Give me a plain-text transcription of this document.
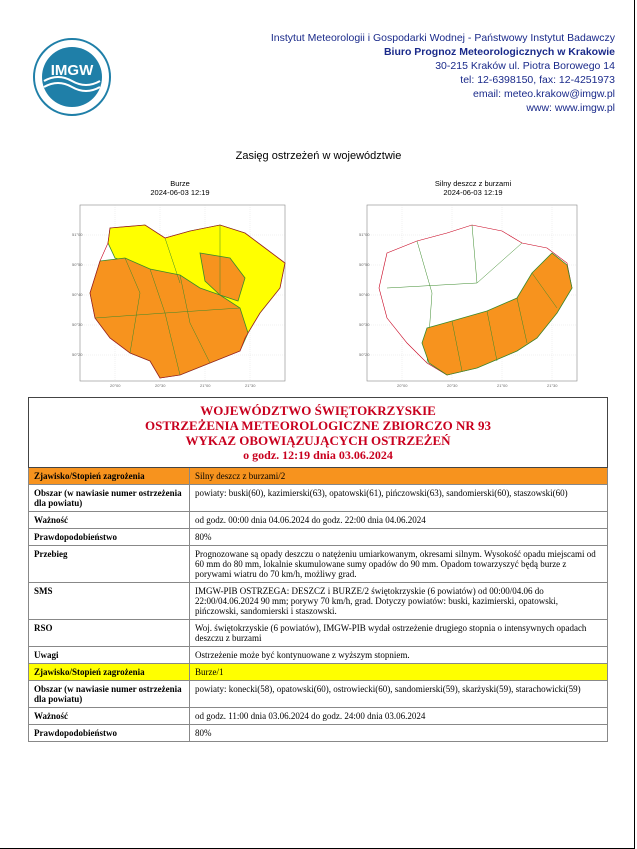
IMGW
Instytut Meteorologii i Gospodarki Wodnej - Państwowy Instytut Badawczy
Biuro Prognoz Meteorologicznych w Krakowie
30-215 Kraków ul. Piotra Borowego 14
tel: 12-6398150, fax: 12-4251973
email: meteo.krakow@imgw.pl
www: www.imgw.pl
Zasięg ostrzeżeń w województwie
Burze
2024-06-03 12:19
Silny deszcz z burzami
2024-06-03 12:19
51°00
50°50
50°40
50°30
50°20
20°00	20°30	21°00	21°30
51°00
50°50
50°40
50°30
50°20
20°00	20°30	21°00	21°30
WOJEWÓDZTWO ŚWIĘTOKRZYSKIE
OSTRZEŻENIA METEOROLOGICZNE ZBIORCZO NR 93
WYKAZ OBOWIĄZUJĄCYCH OSTRZEŻEŃ
o godz. 12:19 dnia 03.06.2024	

Zjawisko/Stopień zagrożenia	Silny deszcz z burzami/2
Obszar (w nawiasie numer ostrzeżenia dla powiatu)	powiaty: buski(60), kazimierski(63), opatowski(61), pińczowski(63), sandomierski(60), staszowski(60)
Ważność	od godz. 00:00 dnia 04.06.2024 do godz. 22:00 dnia 04.06.2024
Prawdopodobieństwo	80%
Przebieg	Prognozowane są opady deszczu o natężeniu umiarkowanym, okresami silnym. Wysokość opadu miejscami od 60 mm do 80 mm, lokalnie skumulowane sumy opadów do 90 mm. Opadom towarzyszyć będą burze z porywami wiatru do 70 km/h, możliwy grad.
SMS	IMGW-PIB OSTRZEGA: DESZCZ i BURZE/2 świętokrzyskie (6 powiatów) od 00:00/04.06 do 22:00/04.06.2024 90 mm; porywy 70 km/h, grad. Dotyczy powiatów: buski, kazimierski, opatowski, pińczowski, sandomierski i staszowski.
RSO	Woj. świętokrzyskie (6 powiatów), IMGW-PIB wydał ostrzeżenie drugiego stopnia o intensywnych opadach deszczu z burzami
Uwagi	Ostrzeżenie może być kontynuowane z wyższym stopniem.
Zjawisko/Stopień zagrożenia	Burze/1
Obszar (w nawiasie numer ostrzeżenia dla powiatu)	powiaty: konecki(58), opatowski(60), ostrowiecki(60), sandomierski(59), skarżyski(59), starachowicki(59)
Ważność	od godz. 11:00 dnia 03.06.2024 do godz. 24:00 dnia 03.06.2024
Prawdopodobieństwo	80%
